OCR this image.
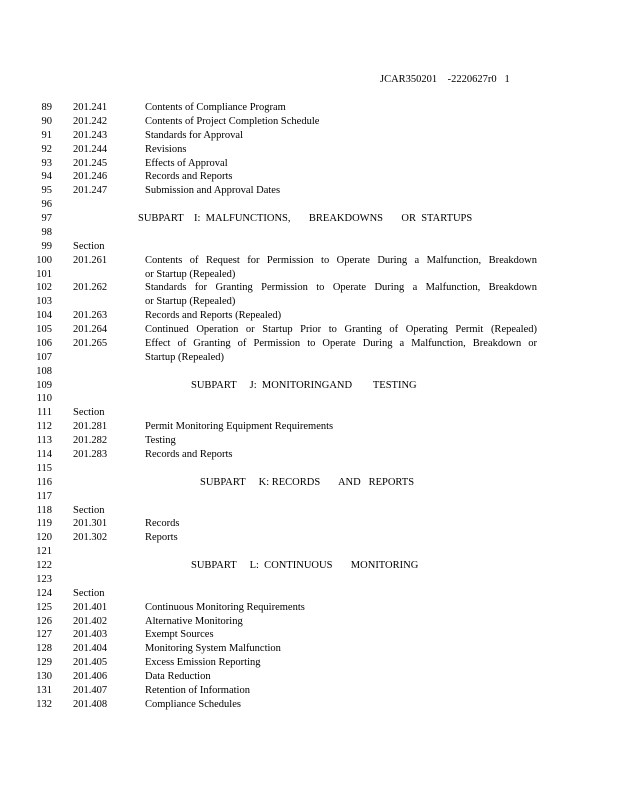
JCAR350201    -2220627r0   1
89 201.241	Contents of Compliance Program
90 201.242	Contents of Project Completion Schedule
91 201.243	Standards for Approval
92 201.244	Revisions
93 201.245	Effects of Approval
94 201.246	Records and Reports
95 201.247	Submission and Approval Dates
96
97	SUBPART    I:  MALFUNCTIONS,       BREAKDOWNS       OR  STARTUPS
98
99 Section
100 201.261	Contents of Request for Permission to Operate During a Malfunction, Breakdown
101	or Startup (Repealed)
102 201.262	Standards for Granting Permission to Operate During a Malfunction, Breakdown
103	or Startup (Repealed)
104 201.263	Records and Reports (Repealed)
105 201.264	Continued Operation or Startup Prior to Granting of Operating Permit (Repealed)
106 201.265	Effect of Granting of Permission to Operate During a Malfunction, Breakdown or
107	Startup (Repealed)
108
109	SUBPART     J:  MONITORINGAND        TESTING
110
111 Section
112 201.281	Permit Monitoring Equipment Requirements
113 201.282	Testing
114 201.283	Records and Reports
115
116	SUBPART     K: RECORDS       AND   REPORTS
117
118 Section
119 201.301	Records
120 201.302	Reports
121
122	SUBPART     L:  CONTINUOUS       MONITORING
123
124 Section
125 201.401	Continuous Monitoring Requirements
126 201.402	Alternative Monitoring
127 201.403	Exempt Sources
128 201.404	Monitoring System Malfunction
129 201.405	Excess Emission Reporting
130 201.406	Data Reduction
131 201.407	Retention of Information
132 201.408	Compliance Schedules
